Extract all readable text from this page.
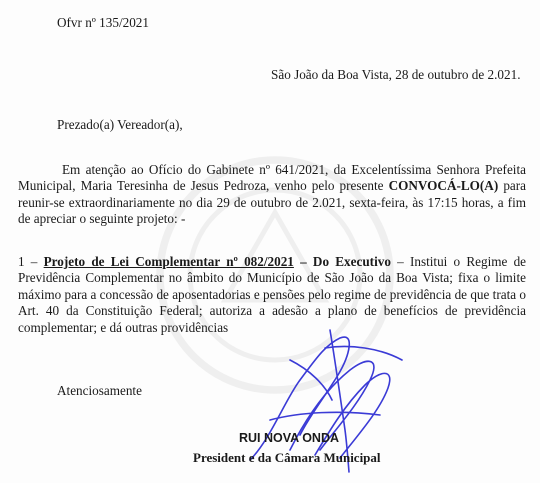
Ofvr nº 135/2021
São João da Boa Vista, 28 de outubro de 2.021.
Prezado(a) Vereador(a),
Em atenção ao Ofício do Gabinete nº 641/2021, da Excelentíssima Senhora Prefeita Municipal, Maria Teresinha de Jesus Pedroza, venho pelo presente CONVOCÁ-LO(A) para reunir-se extraordinariamente no dia 29 de outubro de 2.021, sexta-feira, às 17:15 horas, a fim de apreciar o seguinte projeto: -
1 – Projeto de Lei Complementar nº 082/2021 – Do Executivo – Institui o Regime de Previdência Complementar no âmbito do Município de São João da Boa Vista; fixa o limite máximo para a concessão de aposentadorias e pensões pelo regime de previdência de que trata o Art. 40 da Constituição Federal; autoriza a adesão a plano de benefícios de previdência complementar; e dá outras providências
Atenciosamente
RUI NOVA ONDA
President e da Câmara Municipal
